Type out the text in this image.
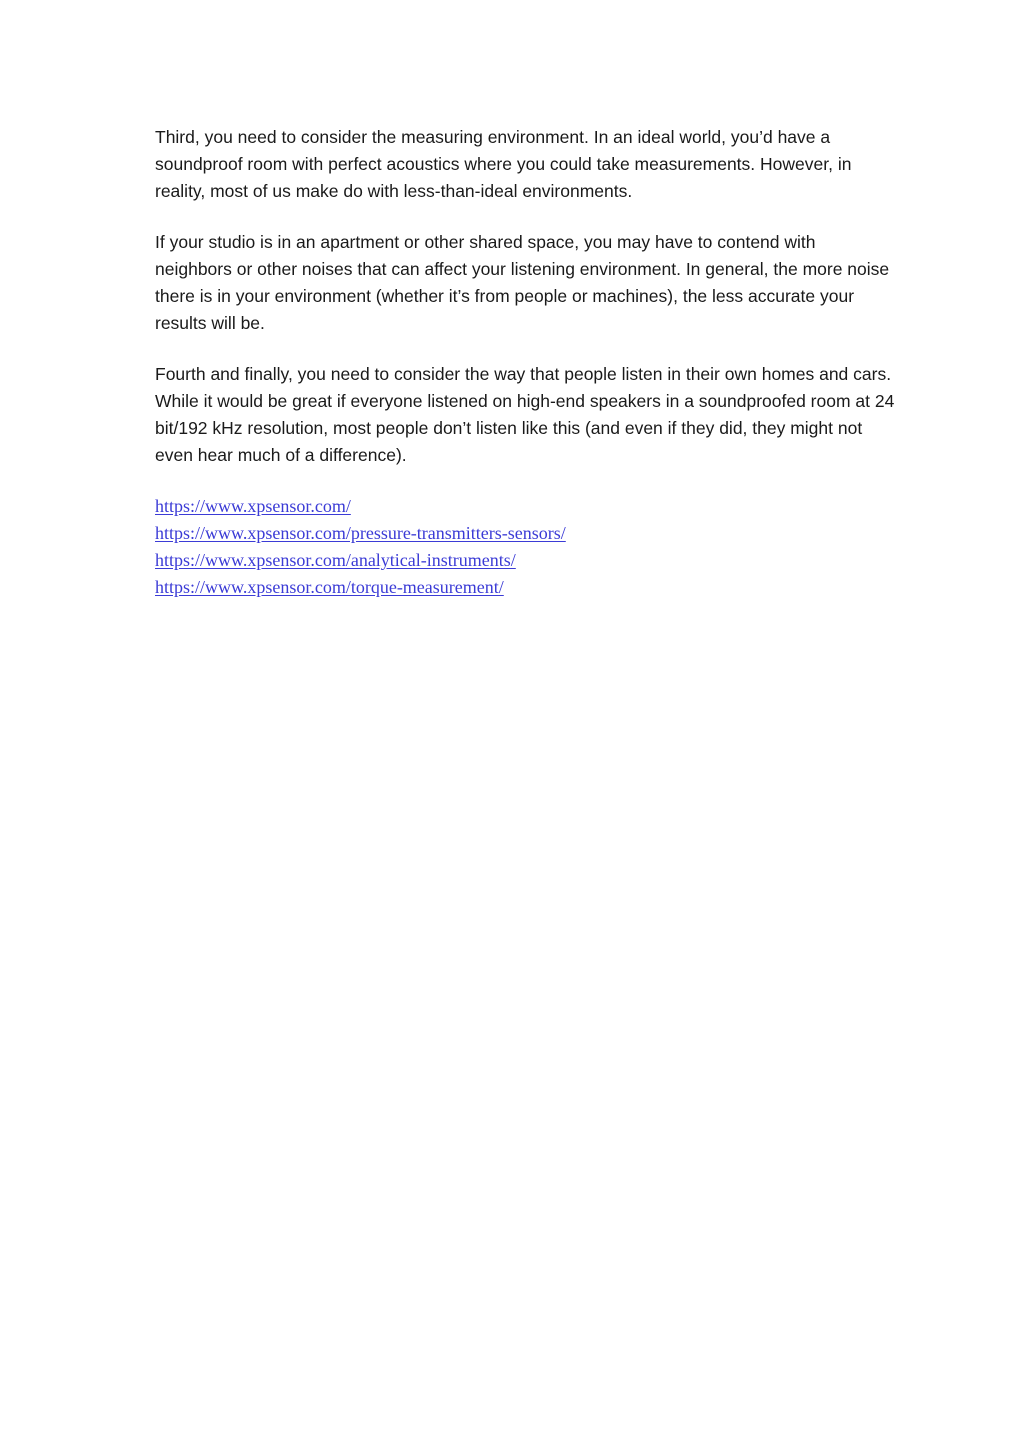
Third, you need to consider the measuring environment. In an ideal world, you’d have a soundproof room with perfect acoustics where you could take measurements. However, in reality, most of us make do with less-than-ideal environments.

If your studio is in an apartment or other shared space, you may have to contend with neighbors or other noises that can affect your listening environment. In general, the more noise there is in your environment (whether it’s from people or machines), the less accurate your results will be.

Fourth and finally, you need to consider the way that people listen in their own homes and cars. While it would be great if everyone listened on high-end speakers in a soundproofed room at 24 bit/192 kHz resolution, most people don’t listen like this (and even if they did, they might not even hear much of a difference).

https://www.xpsensor.com/
https://www.xpsensor.com/pressure-transmitters-sensors/
https://www.xpsensor.com/analytical-instruments/
https://www.xpsensor.com/torque-measurement/
